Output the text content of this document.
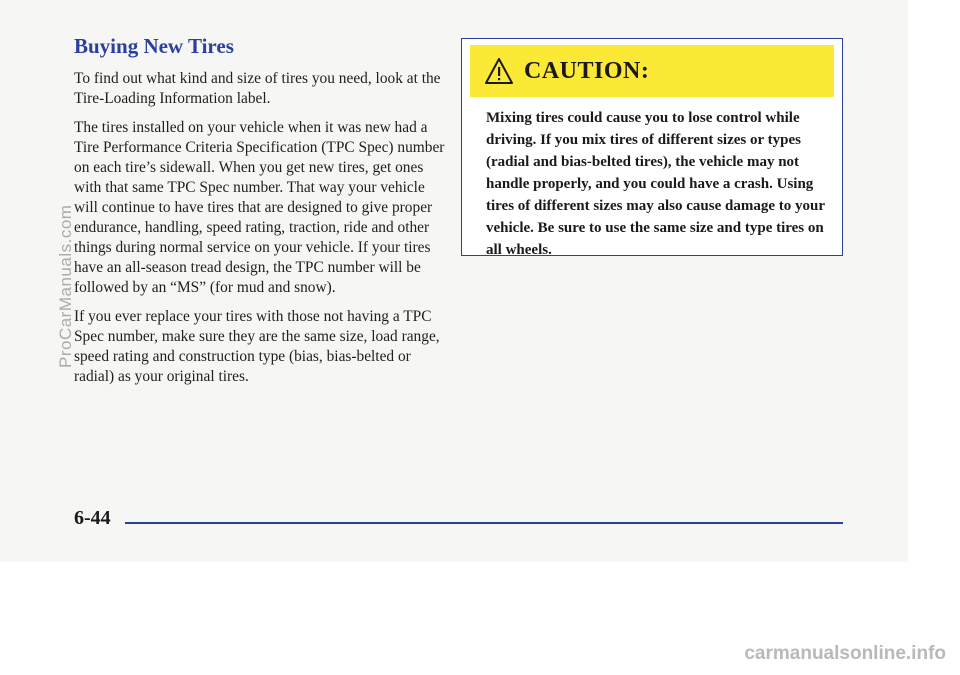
Buying New Tires

To find out what kind and size of tires you need, look at the Tire-Loading Information label.

The tires installed on your vehicle when it was new had a Tire Performance Criteria Specification (TPC Spec) number on each tire’s sidewall. When you get new tires, get ones with that same TPC Spec number. That way your vehicle will continue to have tires that are designed to give proper endurance, handling, speed rating, traction, ride and other things during normal service on your vehicle. If your tires have an all-season tread design, the TPC number will be followed by an “MS” (for mud and snow).

If you ever replace your tires with those not having a TPC Spec number, make sure they are the same size, load range, speed rating and construction type (bias, bias-belted or radial) as your original tires.

CAUTION:

Mixing tires could cause you to lose control while driving. If you mix tires of different sizes or types (radial and bias-belted tires), the vehicle may not handle properly, and you could have a crash. Using tires of different sizes may also cause damage to your vehicle. Be sure to use the same size and type tires on all wheels.

6-44
ProCarManuals.com
carmanualsonline.info
